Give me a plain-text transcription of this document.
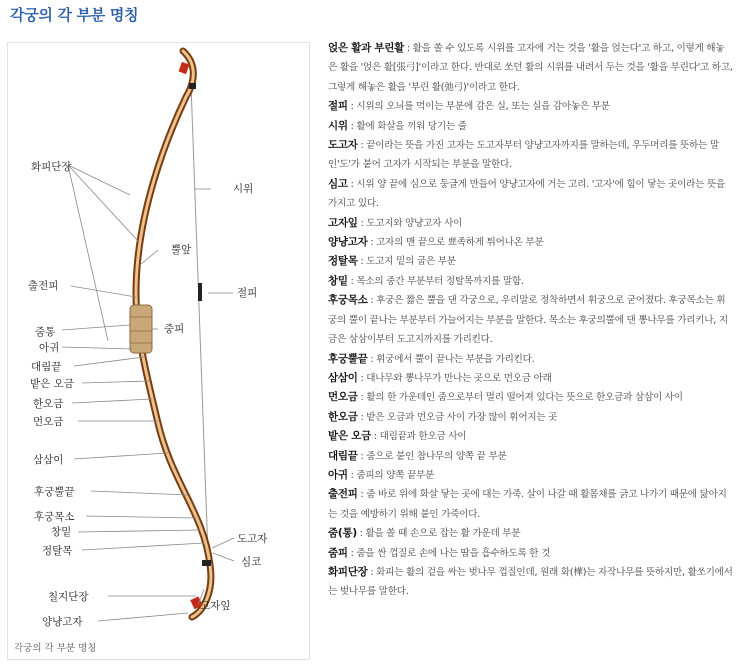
각궁의 각 부분 명칭
화피단장
시위
뿔앞
출전피
절피
중피
줌통
아귀
대림끝
밭은 오금
한오금
먼오금
삼삼이
후궁뿔끝
후궁목소
창밑
정탈목
도고자
심코
칠지단장
고자잎
양냥고자
각궁의 각 부분 명칭

얹은 활과 부린활 : 활을 쏠 수 있도록 시위를 고자에 거는 것을 '활을 얹는다'고 하고, 이렇게 해놓은 활을 '얹은 활[張弓]'이라고 한다. 반대로 쏘던 활의 시위를 내려서 두는 것을 '활을 부린다'고 하고, 그렇게 해놓은 활을 '부린 활(弛弓)'이라고 한다.

절피 : 시위의 오늬를 먹이는 부분에 감은 실, 또는 실을 감아놓은 부분

시위 : 활에 화살을 끼워 당기는 줄

도고자 : 끝이라는 뜻을 가진 고자는 도고자부터 양냥고자까지를 말하는데, 우두머리를 뜻하는 말인'도'가 붙어 고자가 시작되는 부분을 말한다.

심고 : 시위 양 끝에 심으로 둥글게 만들어 양냥고자에 거는 고리. '고자'에 힘이 닿는 곳이라는 뜻을 가지고 있다.

고자잎 : 도고지와 양냥고자 사이

양냥고자 : 고자의 맨 끝으로 뾰족하게 튀어나온 부분

정탈목 : 도고지 밑의 굽은 부분

창밑 : 목소의 중간 부분부터 정탈목까지를 말함.

후궁목소 : 후궁은 짧은 뿔을 댄 각궁으로, 우리말로 정착하면서 휘궁으로 굳어졌다. 후궁목소는 휘궁의 뿔이 끝나는 부분부터 가늘어지는 부분을 말한다. 목소는 후궁의뿔에 댄 뽕나무를 가리키나, 지금은 삼삼이부터 도고지까지를 가리킨다.

후궁뿔끝 : 휘궁에서 뿔이 끝나는 부분을 가리킨다.

삼삼이 : 대나무와 뽕나무가 만나는 곳으로 먼오금 아래

먼오금 : 활의 한 가운데인 줌으로부터 멀리 떨어져 있다는 뜻으로 한오금과 삼삼이 사이

한오금 : 밭은 오금과 먼오금 사이 가장 많이 휘어지는 곳

밭은 오금 : 대림끝과 한오금 사이

대림끝 : 줌으로 붙인 참나무의 양쪽 끝 부분

아귀 : 줌피의 양쪽 끝부분

출전피 : 줌 바로 위에 화살 닿는 곳에 대는 가죽. 살이 나갈 때 활몸채를 긁고 나가기 때문에 닳아지는 것을 예방하기 위해 붙인 가죽이다.

줌(통) : 활을 쏠 때 손으로 잡는 활 가운데 부분

줌피 : 줌을 싼 껍질로 손에 나는 땀을 흡수하도록 한 것

화피단장 : 화피는 활의 겉을 싸는 벚나무 껍질인데, 원래 화(樺)는 자작나무를 뜻하지만, 활쏘기에서는 벚나무를 말한다.
